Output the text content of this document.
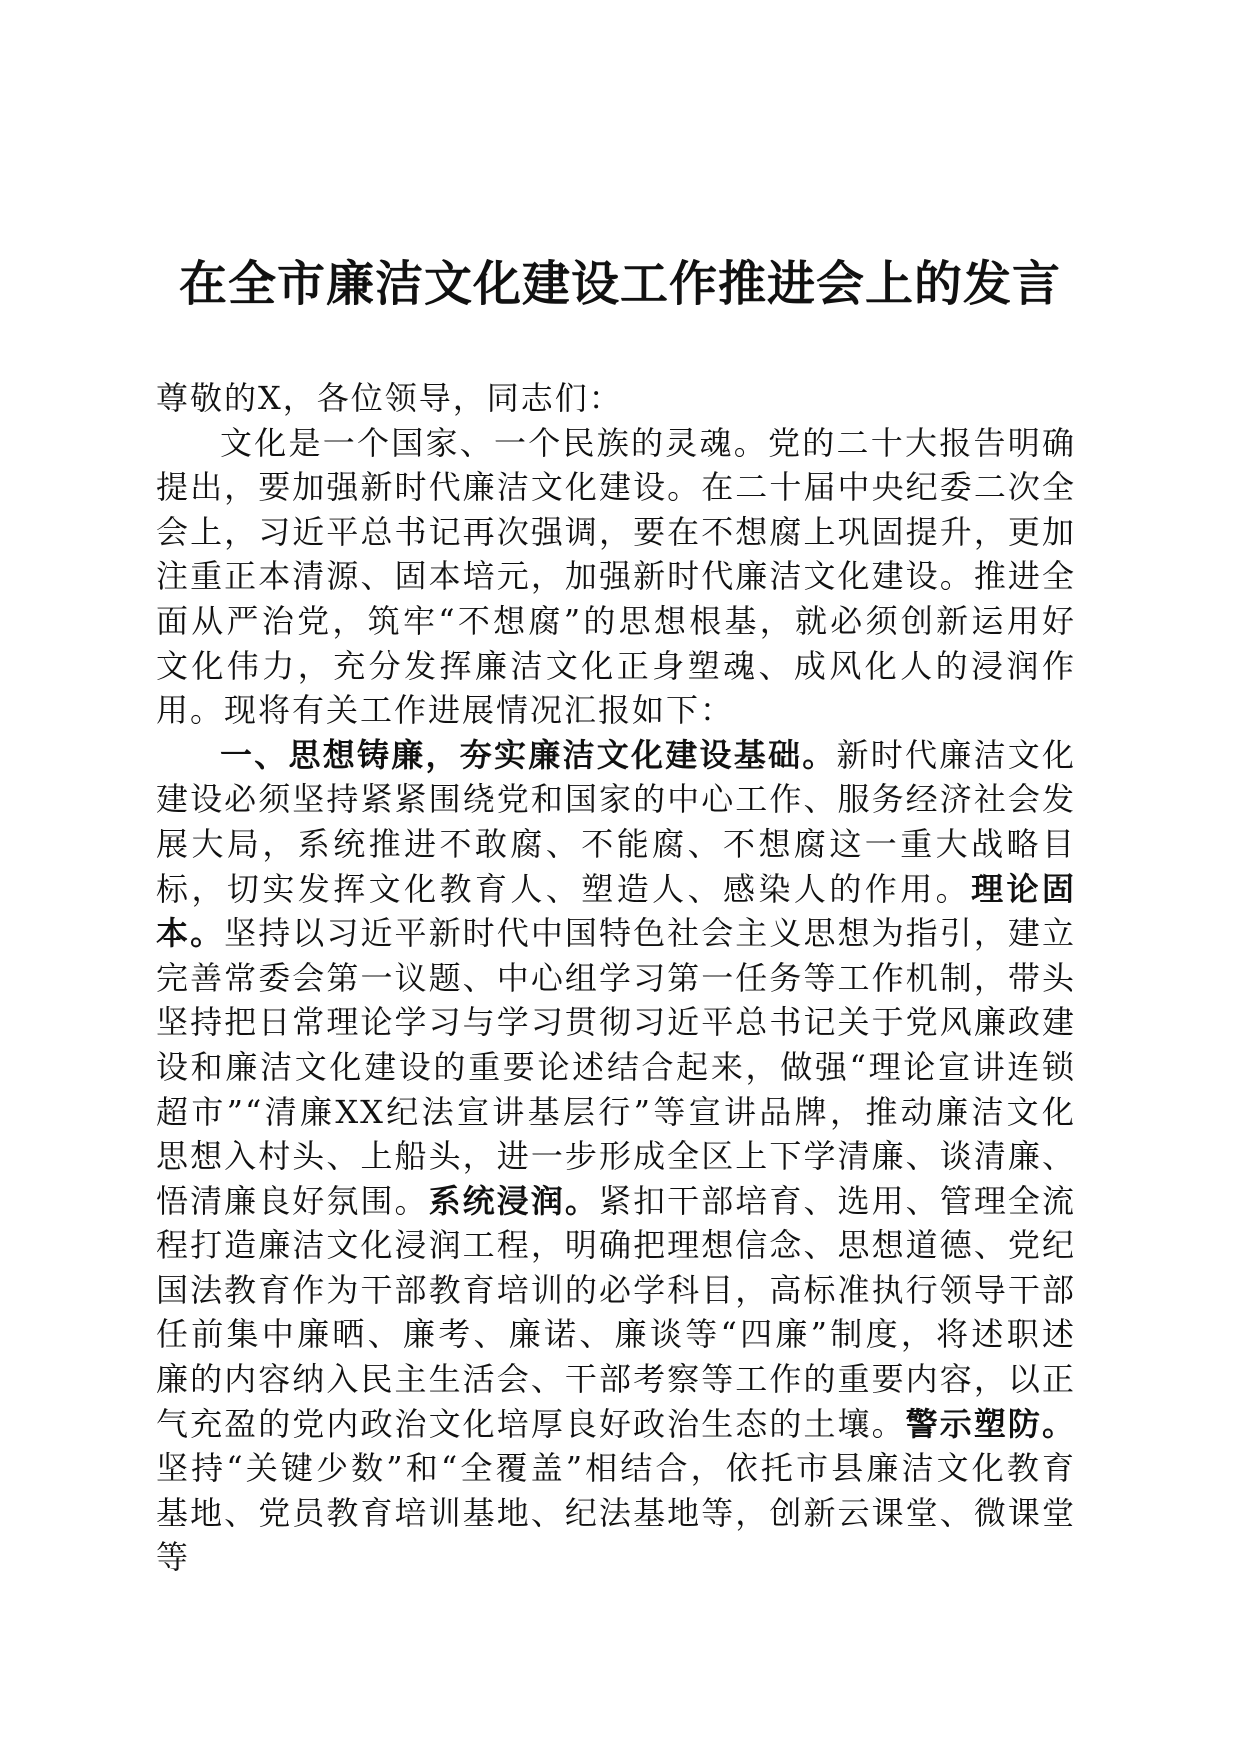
在全市廉洁文化建设工作推进会上的发言

尊敬的X，各位领导，同志们：

文化是一个国家、一个民族的灵魂。党的二十大报告明确提出，要加强新时代廉洁文化建设。在二十届中央纪委二次全会上，习近平总书记再次强调，要在不想腐上巩固提升，更加注重正本清源、固本培元，加强新时代廉洁文化建设。推进全面从严治党，筑牢“不想腐”的思想根基，就必须创新运用好文化伟力，充分发挥廉洁文化正身塑魂、成风化人的浸润作用。现将有关工作进展情况汇报如下：

一、思想铸廉，夯实廉洁文化建设基础。新时代廉洁文化建设必须坚持紧紧围绕党和国家的中心工作、服务经济社会发展大局，系统推进不敢腐、不能腐、不想腐这一重大战略目标，切实发挥文化教育人、塑造人、感染人的作用。理论固本。坚持以习近平新时代中国特色社会主义思想为指引，建立完善常委会第一议题、中心组学习第一任务等工作机制，带头坚持把日常理论学习与学习贯彻习近平总书记关于党风廉政建设和廉洁文化建设的重要论述结合起来，做强“理论宣讲连锁超市”“清廉XX纪法宣讲基层行”等宣讲品牌，推动廉洁文化思想入村头、上船头，进一步形成全区上下学清廉、谈清廉、悟清廉良好氛围。系统浸润。紧扣干部培育、选用、管理全流程打造廉洁文化浸润工程，明确把理想信念、思想道德、党纪国法教育作为干部教育培训的必学科目，高标准执行领导干部任前集中廉晒、廉考、廉诺、廉谈等“四廉”制度，将述职述廉的内容纳入民主生活会、干部考察等工作的重要内容，以正气充盈的党内政治文化培厚良好政治生态的土壤。警示塑防。坚持“关键少数”和“全覆盖”相结合，依托市县廉洁文化教育基地、党员教育培训基地、纪法基地等，创新云课堂、微课堂等
